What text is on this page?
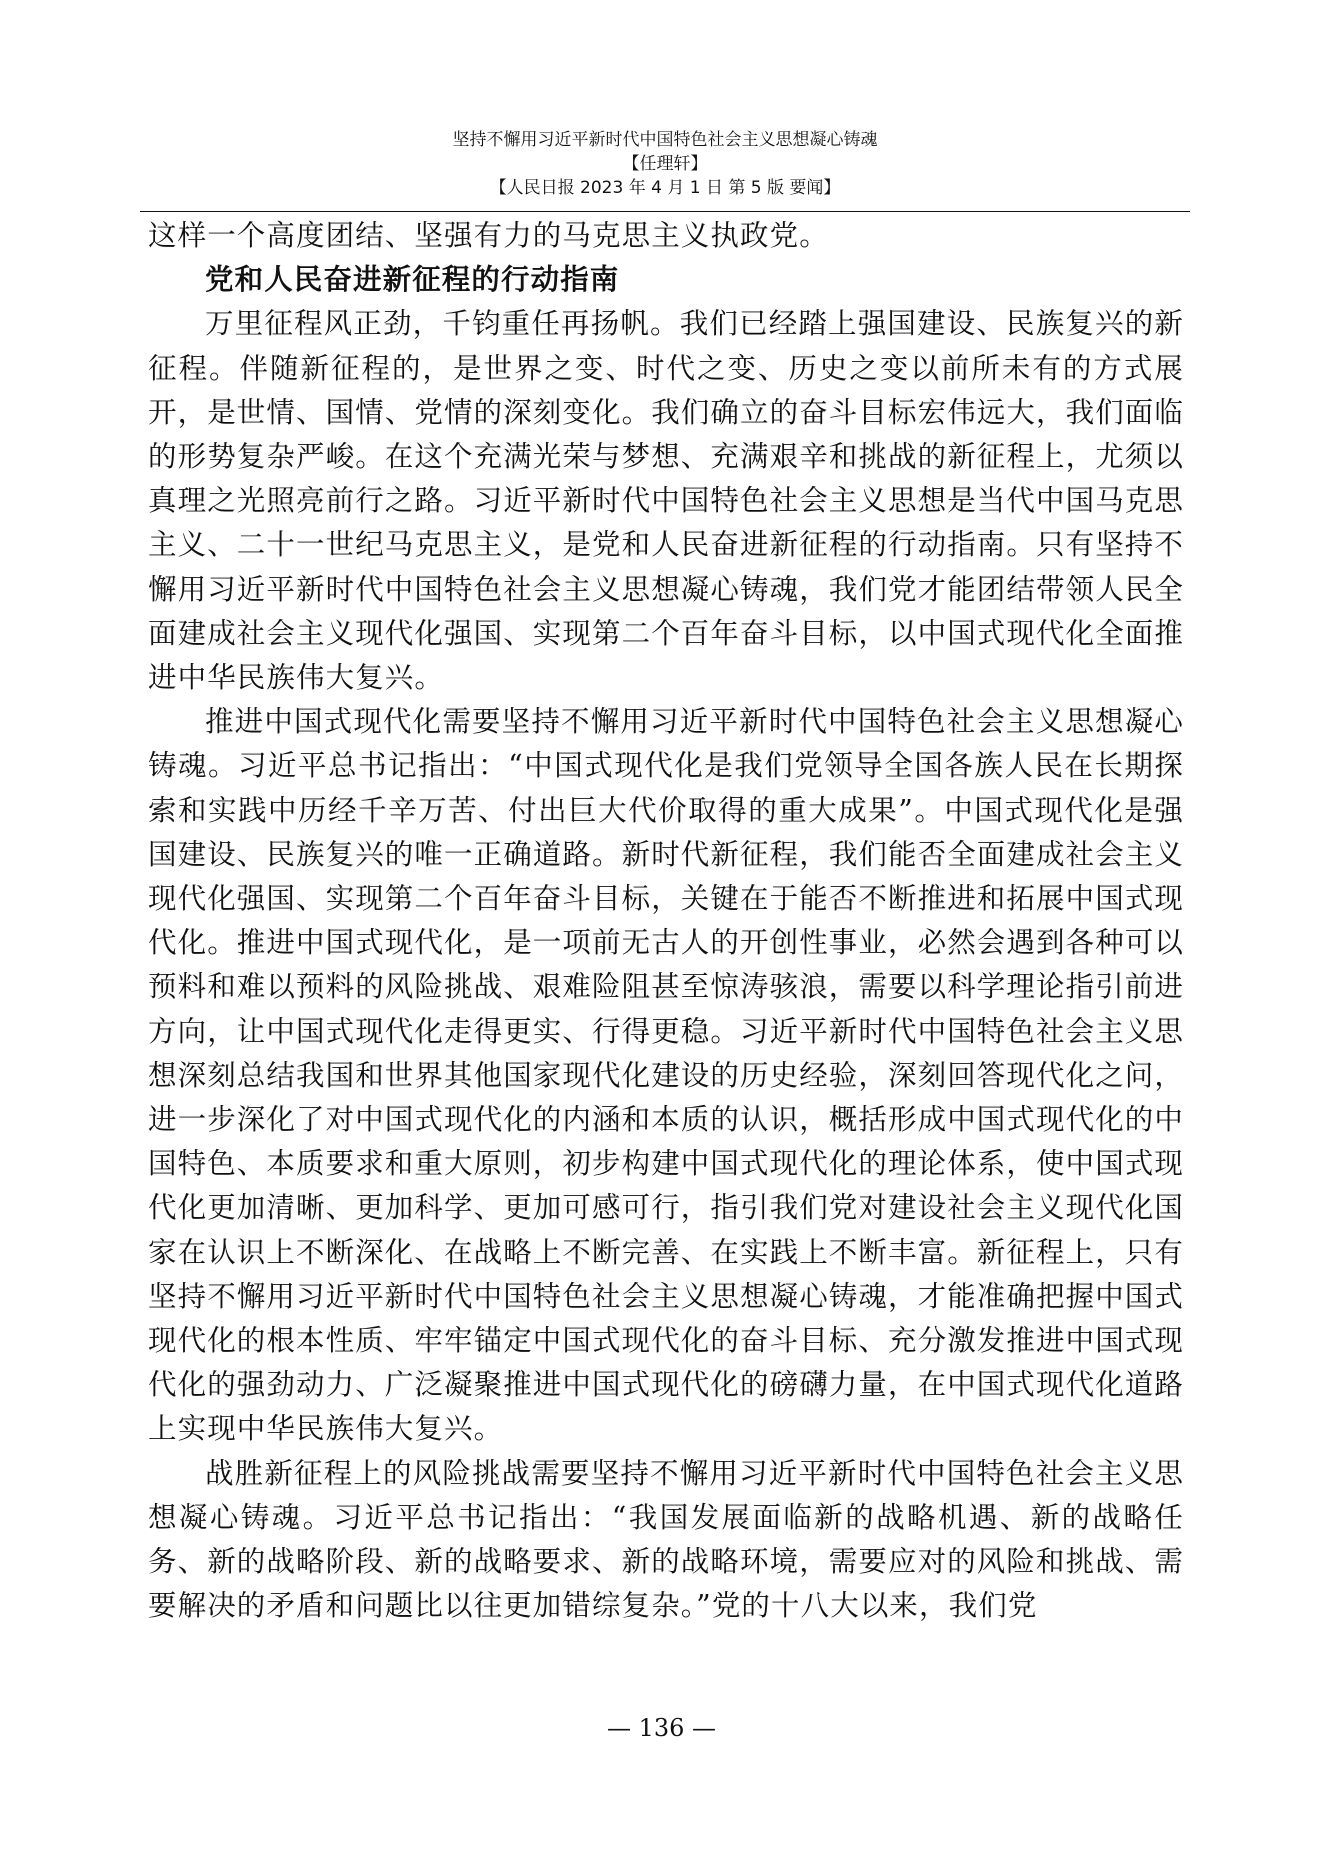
坚持不懈用习近平新时代中国特色社会主义思想凝心铸魂
【任理轩】
【人民日报 2023 年 4 月 1 日 第 5 版 要闻】

这样一个高度团结、坚强有力的马克思主义执政党。

党和人民奋进新征程的行动指南

万里征程风正劲，千钧重任再扬帆。我们已经踏上强国建设、民族复兴的新征程。伴随新征程的，是世界之变、时代之变、历史之变以前所未有的方式展开，是世情、国情、党情的深刻变化。我们确立的奋斗目标宏伟远大，我们面临的形势复杂严峻。在这个充满光荣与梦想、充满艰辛和挑战的新征程上，尤须以真理之光照亮前行之路。习近平新时代中国特色社会主义思想是当代中国马克思主义、二十一世纪马克思主义，是党和人民奋进新征程的行动指南。只有坚持不懈用习近平新时代中国特色社会主义思想凝心铸魂，我们党才能团结带领人民全面建成社会主义现代化强国、实现第二个百年奋斗目标，以中国式现代化全面推进中华民族伟大复兴。

推进中国式现代化需要坚持不懈用习近平新时代中国特色社会主义思想凝心铸魂。习近平总书记指出：“中国式现代化是我们党领导全国各族人民在长期探索和实践中历经千辛万苦、付出巨大代价取得的重大成果”。中国式现代化是强国建设、民族复兴的唯一正确道路。新时代新征程，我们能否全面建成社会主义现代化强国、实现第二个百年奋斗目标，关键在于能否不断推进和拓展中国式现代化。推进中国式现代化，是一项前无古人的开创性事业，必然会遇到各种可以预料和难以预料的风险挑战、艰难险阻甚至惊涛骇浪，需要以科学理论指引前进方向，让中国式现代化走得更实、行得更稳。习近平新时代中国特色社会主义思想深刻总结我国和世界其他国家现代化建设的历史经验，深刻回答现代化之问，进一步深化了对中国式现代化的内涵和本质的认识，概括形成中国式现代化的中国特色、本质要求和重大原则，初步构建中国式现代化的理论体系，使中国式现代化更加清晰、更加科学、更加可感可行，指引我们党对建设社会主义现代化国家在认识上不断深化、在战略上不断完善、在实践上不断丰富。新征程上，只有坚持不懈用习近平新时代中国特色社会主义思想凝心铸魂，才能准确把握中国式现代化的根本性质、牢牢锚定中国式现代化的奋斗目标、充分激发推进中国式现代化的强劲动力、广泛凝聚推进中国式现代化的磅礴力量，在中国式现代化道路上实现中华民族伟大复兴。

战胜新征程上的风险挑战需要坚持不懈用习近平新时代中国特色社会主义思想凝心铸魂。习近平总书记指出：“我国发展面临新的战略机遇、新的战略任务、新的战略阶段、新的战略要求、新的战略环境，需要应对的风险和挑战、需要解决的矛盾和问题比以往更加错综复杂。”党的十八大以来，我们党

— 136 —
